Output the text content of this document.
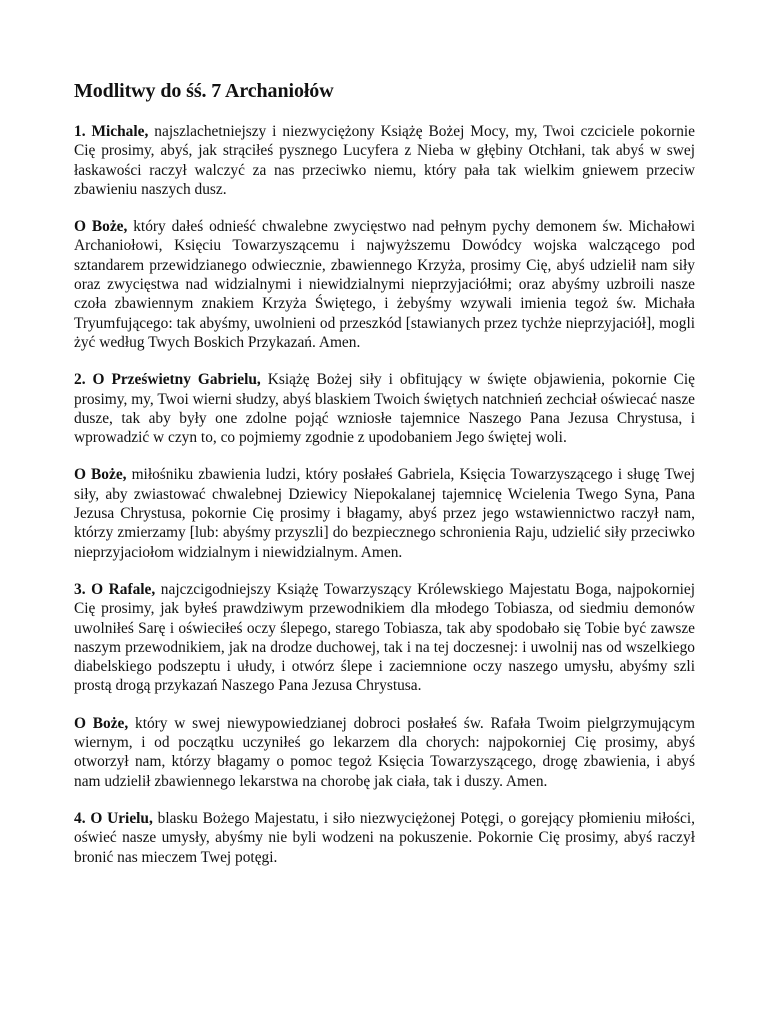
Modlitwy do śś. 7 Archaniołów

1. Michale, najszlachetniejszy i niezwyciężony Książę Bożej Mocy, my, Twoi czciciele pokornie Cię prosimy, abyś, jak strąciłeś pysznego Lucyfera z Nieba w głębiny Otchłani, tak abyś w swej łaskawości raczył walczyć za nas przeciwko niemu, który pała tak wielkim gniewem przeciw zbawieniu naszych dusz.

O Boże, który dałeś odnieść chwalebne zwycięstwo nad pełnym pychy demonem św. Michałowi Archaniołowi, Księciu Towarzyszącemu i najwyższemu Dowódcy wojska walczącego pod sztandarem przewidzianego odwiecznie, zbawiennego Krzyża, prosimy Cię, abyś udzielił nam siły oraz zwycięstwa nad widzialnymi i niewidzialnymi nieprzyjaciółmi; oraz abyśmy uzbroili nasze czoła zbawiennym znakiem Krzyża Świętego, i żebyśmy wzywali imienia tegoż św. Michała Tryumfującego: tak abyśmy, uwolnieni od przeszkód [stawianych przez tychże nieprzyjaciół], mogli żyć według Twych Boskich Przykazań. Amen.

2. O Prześwietny Gabrielu, Książę Bożej siły i obfitujący w święte objawienia, pokornie Cię prosimy, my, Twoi wierni słudzy, abyś blaskiem Twoich świętych natchnień zechciał oświecać nasze dusze, tak aby były one zdolne pojąć wzniosłe tajemnice Naszego Pana Jezusa Chrystusa, i wprowadzić w czyn to, co pojmiemy zgodnie z upodobaniem Jego świętej woli.

O Boże, miłośniku zbawienia ludzi, który posłałeś Gabriela, Księcia Towarzyszącego i sługę Twej siły, aby zwiastować chwalebnej Dziewicy Niepokalanej tajemnicę Wcielenia Twego Syna, Pana Jezusa Chrystusa, pokornie Cię prosimy i błagamy, abyś przez jego wstawiennictwo raczył nam, którzy zmierzamy [lub: abyśmy przyszli] do bezpiecznego schronienia Raju, udzielić siły przeciwko nieprzyjaciołom widzialnym i niewidzialnym. Amen.

3. O Rafale, najczcigodniejszy Książę Towarzyszący Królewskiego Majestatu Boga, najpokorniej Cię prosimy, jak byłeś prawdziwym przewodnikiem dla młodego Tobiasza, od siedmiu demonów uwolniłeś Sarę i oświeciłeś oczy ślepego, starego Tobiasza, tak aby spodobało się Tobie być zawsze naszym przewodnikiem, jak na drodze duchowej, tak i na tej doczesnej: i uwolnij nas od wszelkiego diabelskiego podszeptu i ułudy, i otwórz ślepe i zaciemnione oczy naszego umysłu, abyśmy szli prostą drogą przykazań Naszego Pana Jezusa Chrystusa.

O Boże, który w swej niewypowiedzianej dobroci posłałeś św. Rafała Twoim pielgrzymującym wiernym, i od początku uczyniłeś go lekarzem dla chorych: najpokorniej Cię prosimy, abyś otworzył nam, którzy błagamy o pomoc tegoż Księcia Towarzyszącego, drogę zbawienia, i abyś nam udzielił zbawiennego lekarstwa na chorobę jak ciała, tak i duszy. Amen.

4. O Urielu, blasku Bożego Majestatu, i siło niezwyciężonej Potęgi, o gorejący płomieniu miłości, oświeć nasze umysły, abyśmy nie byli wodzeni na pokuszenie. Pokornie Cię prosimy, abyś raczył bronić nas mieczem Twej potęgi.
